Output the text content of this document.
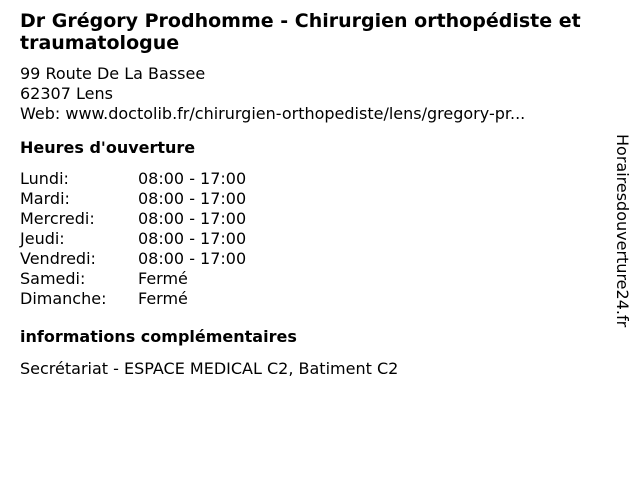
Dr Grégory Prodhomme - Chirurgien orthopédiste et traumatologue
99 Route De La Bassee
62307 Lens
Web: www.doctolib.fr/chirurgien-orthopediste/lens/gregory-pr...
Heures d'ouverture
Lundi:	08:00 - 17:00
Mardi:	08:00 - 17:00
Mercredi:	08:00 - 17:00
Jeudi:	08:00 - 17:00
Vendredi:	08:00 - 17:00
Samedi:	Fermé
Dimanche:	Fermé
informations complémentaires
Secrétariat - ESPACE MEDICAL C2, Batiment C2
Horairesdouverture24.fr
